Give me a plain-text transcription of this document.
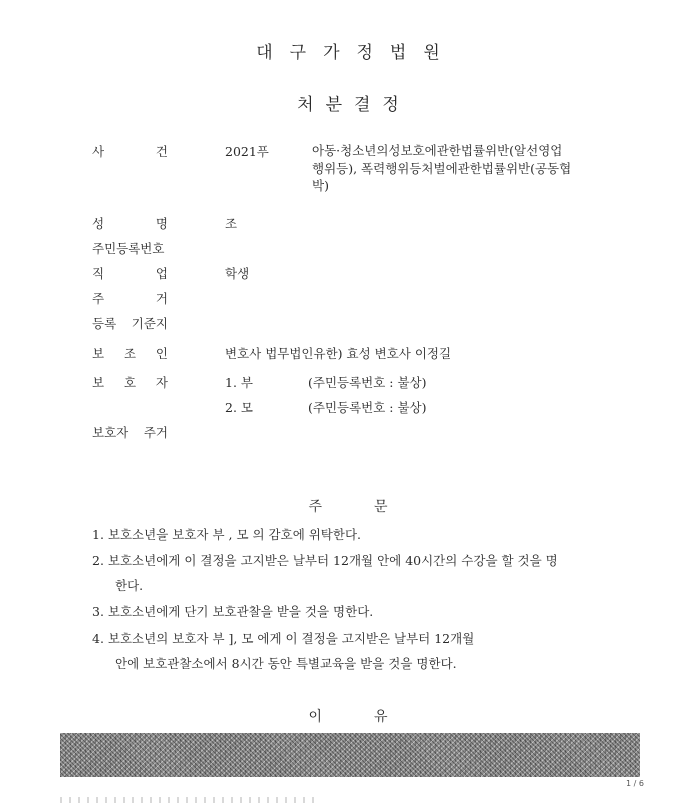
대구가정법원
처분결정
사	건	2021푸	아동·청소년의성보호에관한법률위반(알선영업
행위등), 폭력행위등처벌에관한법률위반(공동협
박)
성	명	조
주민등록번호
직	업	학생
주	거
등록 기준지
보 조 인	변호사 법무법인유한) 효성 변호사 이정길
보 호 자	1. 부	(주민등록번호 : 불상)
2. 모	(주민등록번호 : 불상)
보호자 주거
주문
1. 보호소년을 보호자 부 , 모 의 감호에 위탁한다.
2. 보호소년에게 이 결정을 고지받은 날부터 12개월 안에 40시간의 수강을 할 것을 명
한다.
3. 보호소년에게 단기 보호관찰을 받을 것을 명한다.
4. 보호소년의 보호자 부 ], 모 에게 이 결정을 고지받은 날부터 12개월
안에 보호관찰소에서 8시간 동안 특별교육을 받을 것을 명한다.
이유
1 / 6
